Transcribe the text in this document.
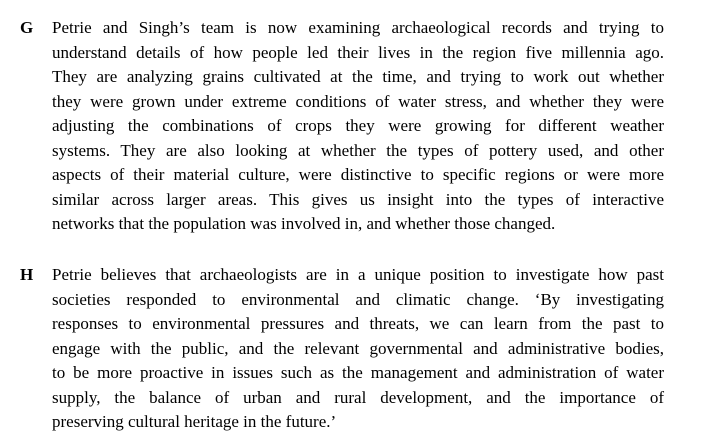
G Petrie and Singh’s team is now examining archaeological records and trying to
understand details of how people led their lives in the region five millennia ago.
They are analyzing grains cultivated at the time, and trying to work out whether
they were grown under extreme conditions of water stress, and whether they were
adjusting the combinations of crops they were growing for different weather
systems. They are also looking at whether the types of pottery used, and other
aspects of their material culture, were distinctive to specific regions or were more
similar across larger areas. This gives us insight into the types of interactive
networks that the population was involved in, and whether those changed.
H Petrie believes that archaeologists are in a unique position to investigate how past
societies responded to environmental and climatic change. ‘By investigating
responses to environmental pressures and threats, we can learn from the past to
engage with the public, and the relevant governmental and administrative bodies,
to be more proactive in issues such as the management and administration of water
supply, the balance of urban and rural development, and the importance of
preserving cultural heritage in the future.’
